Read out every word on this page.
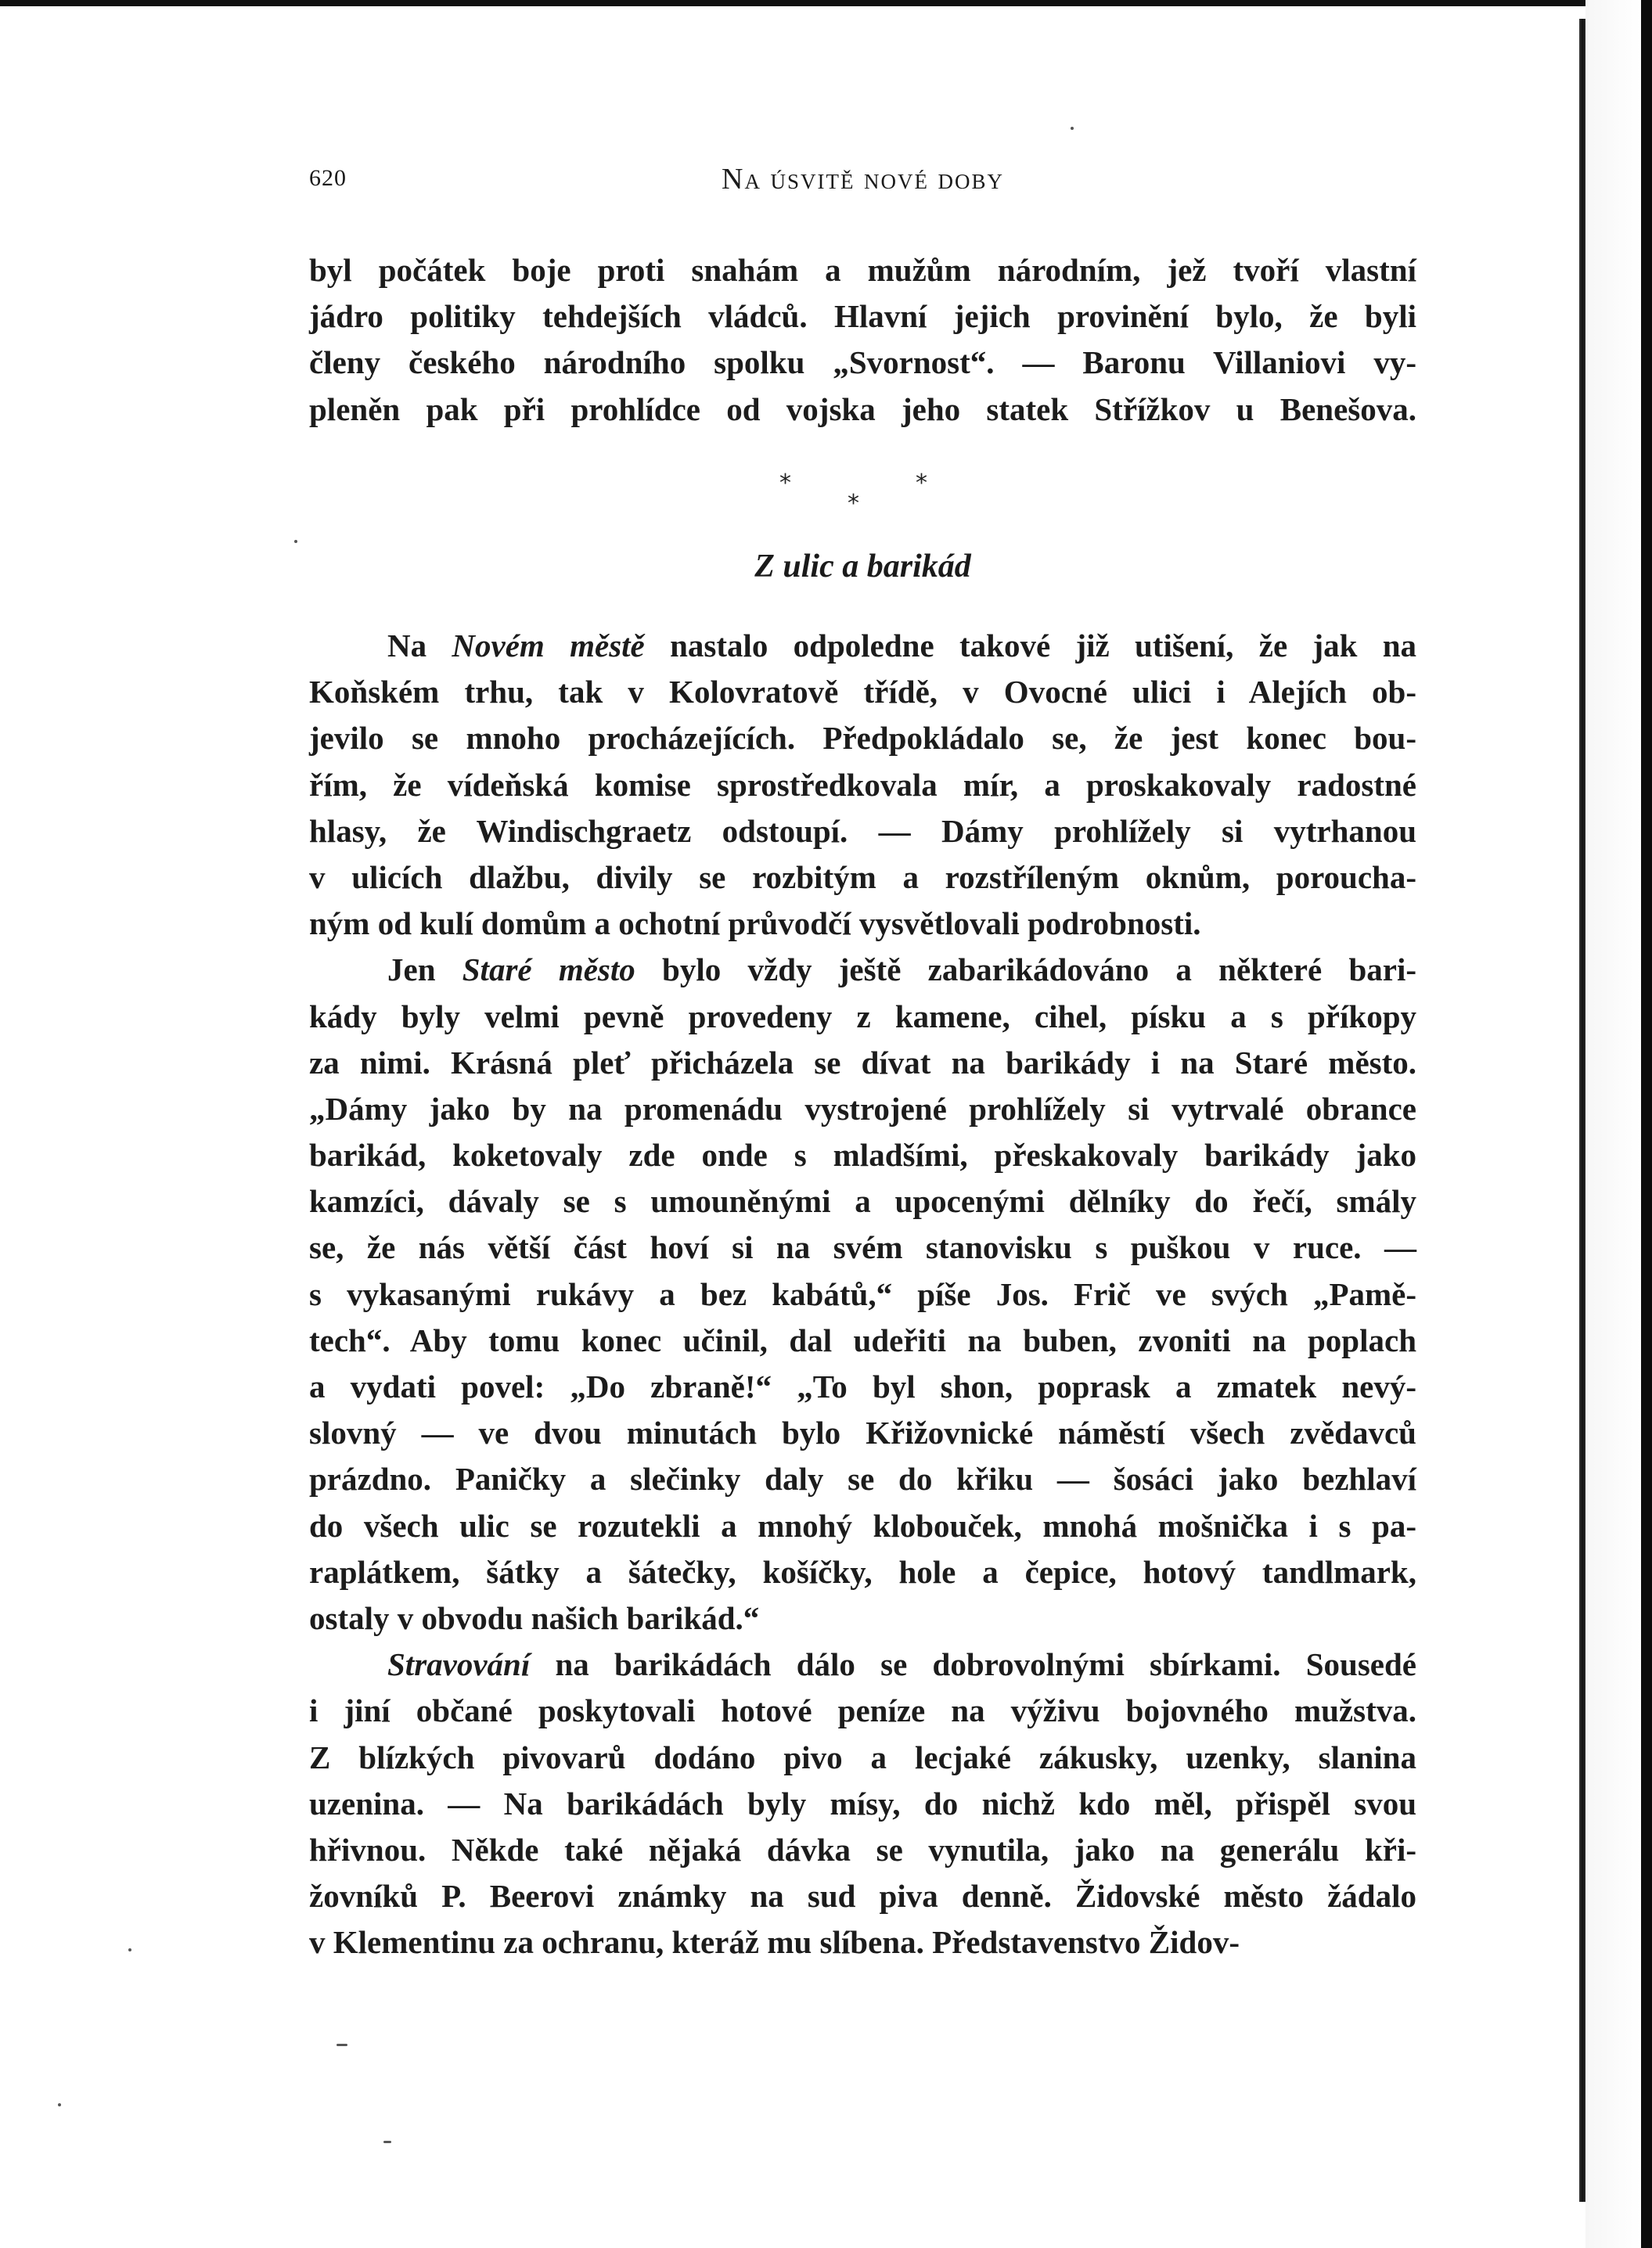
620	Na úsvitě nové doby
byl počátek boje proti snahám a mužům národním, jež tvoří vlastní
jádro politiky tehdejších vládců. Hlavní jejich provinění bylo, že byli
členy českého národního spolku „Svornost“. — Baronu Villaniovi vy-
pleněn pak při prohlídce od vojska jeho statek Střížkov u Benešova.
*	*
*
Z ulic a barikád
Na Novém městě nastalo odpoledne takové již utišení, že jak na
Koňském trhu, tak v Kolovratově třídě, v Ovocné ulici i Alejích ob-
jevilo se mnoho procházejících. Předpokládalo se, že jest konec bou-
řím, že vídeňská komise sprostředkovala mír, a proskakovaly radostné
hlasy, že Windischgraetz odstoupí. — Dámy prohlížely si vytrhanou
v ulicích dlažbu, divily se rozbitým a rozstříleným oknům, porouchа-
ným od kulí domům a ochotní průvodčí vysvětlovali podrobnosti.
Jen Staré město bylo vždy ještě zabarikádováno a některé bari-
kády byly velmi pevně provedeny z kamene, cihel, písku a s příkopy
za nimi. Krásná pleť přicházela se dívat na barikády i na Staré město.
„Dámy jako by na promenádu vystrojené prohlížely si vytrvalé obrance
barikád, koketovaly zde onde s mladšími, přeskakovaly barikády jako
kamzíci, dávaly se s umouněnými a upocenými dělníky do řečí, smály
se, že nás větší část hoví si na svém stanovisku s puškou v ruce. —
s vykasanými rukávy a bez kabátů,“ píše Jos. Frič ve svých „Pamě-
tech“. Aby tomu konec učinil, dal udeřiti na buben, zvoniti na poplach
a vydati povel: „Do zbraně!“ „To byl shon, poprask a zmatek nevý-
slovný — ve dvou minutách bylo Křižovnické náměstí všech zvědavců
prázdno. Paničky a slečinky daly se do křiku — šosáci jako bezhlaví
do všech ulic se rozutekli a mnohý klobouček, mnohá mošnička i s pa-
raplátkem, šátky a šátečky, košíčky, hole a čepice, hotový tandlmark,
ostaly v obvodu našich barikád.“
Stravování na barikádách dálo se dobrovolnými sbírkami. Sousedé
i jiní občané poskytovali hotové peníze na výživu bojovného mužstva.
Z blízkých pivovarů dodáno pivo a lecjaké zákusky, uzenky, slanina
uzenina. — Na barikádách byly mísy, do nichž kdo měl, přispěl svou
hřivnou. Někde také nějaká dávka se vynutila, jako na generálu kři-
žovníků P. Beerovi známky na sud piva denně. Židovské město žádalo
v Klementinu za ochranu, kteráž mu slíbena. Představenstvo Židov-
